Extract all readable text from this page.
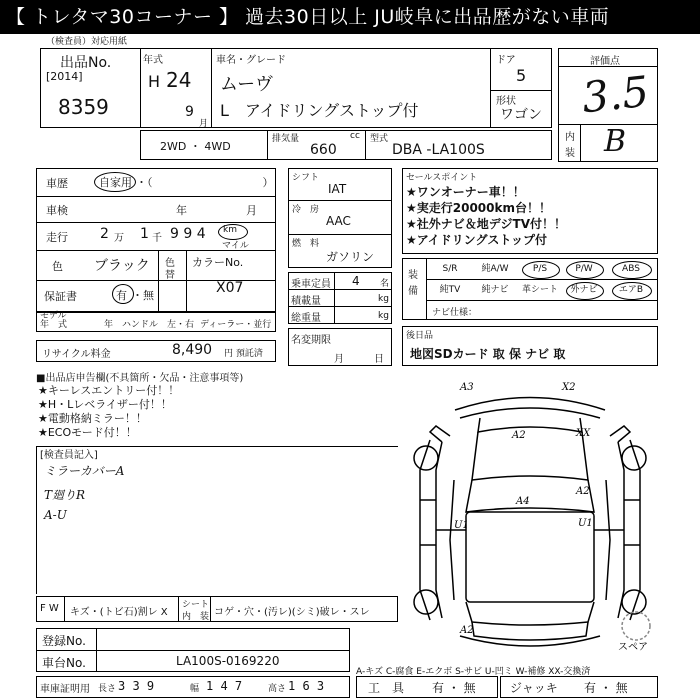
【 トレタマ30コーナー 】 過去30日以上 JU岐阜に出品歴がない車両
（検査員）対応用紙
出品No.
[2014]
8359
年式
H 24
9
月
車名・グレード
ムーヴ
L　アイドリングストップ付
ドア
5
形状
ワゴン
評価点
3.5
内
装 B
2WD ・ 4WD
排気量	cc
660
型式
DBA -LA100S
車歴	自家用 ・（　　　　　　　　　　）
車検	年	月
走行 2 万 1 千 9 9 4 km
マイル
色 ブラック 色
替
カラーNo.
X07
保証書	有 ・無
モデル
年　式	年 ハンドル　左・右 ディーラー・並行
リサイクル料金	8,490 円 預託済
■出品店申告欄(不具箇所・欠品・注意事項等)
★キーレスエントリー付！！
★H・Lレベライザー付！！
★電動格納ミラー！！
★ECOモード付！！
[検査員記入]
ミラーカバーA
T廻りR
A-U
シフト
IAT
冷　房
AAC
燃　料
ガソリン
乗車定員 4 名
積載量	kg
総重量	kg
名変期限
月　　　日
セールスポイント
★ワンオーナー車！！
★実走行20000km台！！
★社外ナビ＆地デジTV付！！
★アイドリングストップ付
装
備
S/R	純A/W	P/S	P/W	ABS
純TV	純ナビ	革シート	外ナビ	エアB
ナビ仕様：
後日品
地図SDカード 取 保 ナビ 取
A3	X2
A2	XX
A4
A2
U1	U1
A2
スペア
A-キズ C-腐食 E-エクボ S-サビ U-凹ミ W-補修 XX-交換済
F W キズ・(トビ石)割レ X
シート
内　装 コゲ・穴・(汚レ)(シミ)破レ・スレ
登録No.
車台No.	LA100S-0169220
車庫証明用 長さ 3 3 9	幅 1 4 7	高さ 1 6 3	工　具 有 ・ 無	ジャッキ 有 ・ 無
